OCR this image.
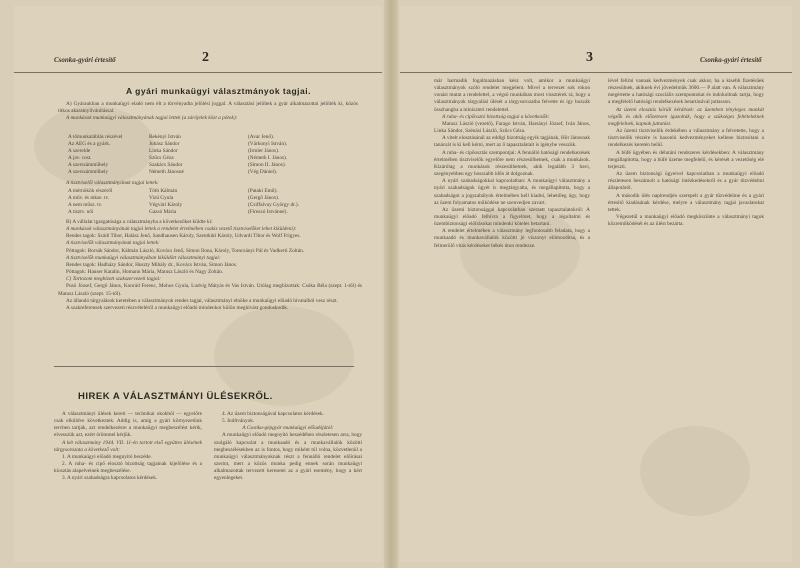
Csonka-gyári értesítő	2
A gyári munkaügyi választmányok tagjai.

A) Gyáraukban a munkaügyi eladó nem élt a törvényadta jelölési joggal. A választási jelöltek a gyár alkalmazottai jelölték ki, közös titkos akaratnyilvánítással.

A munkások munkaügyi választmányának tagjai lettek (a zárójelek közt a pótok):

A tőmunkatáblás részével	Bekényi István	(Avar Jenő).
Az AEG és a gyárk.	Juhász Sándor	(Várkonyi István).
A szerelde	Linka Sándor	(Irmler János).
A jav. cost.	Szűcs Géza	(Németh I. János).
A szerszámműhely	Szakács Sándor	(Simon II. János).
A szerszámműhely	Németh Jánosné	(Vég Dániel).

A tisztviselői választmányának tagjai lettek:

A mérnökök részéről	Tóth Kálmán	(Pataki Emil).
A műv. és mkse. tv.	Vizü Gyula	(Gergő János).
A nem műsz. tv.	Végvári Károly	(Csiffalvay György dr.).
A tisztv. női	Gazsó Mária	(Fireszó Istvánné).

B) A vállalat igazgatósága a választmányba a következőket küldte ki:

A munkások választmányának tagjai lettek a rendelet értelmében csakis vezető tisztviselőket lehet kiküldeni):

Rendes tagok: Szádi Tibor, Halász Jenő, Sandhausen Károly, Szentkúti Károly, Udvardi Tibor és Wolf Frigyes.

A tisztviselők választmányának tagjai lettek:

Póttagok: Borsák Sándor, Kálmán László, Kovács Jenő, Simon Ilona, Károly, Tomcsányi Pál és Vadkerti Zoltán.

A tisztviselők munkaügyi választmányában kiküldött választmányi tagjai:

Rendes tagok: Hadházy Sándor, Huszty Mihály dr., Kovács István, Simon János.

Póttagok: Hauser Katalin, Homann Mária, Matusz László és Nagy Zoltán.

C) Tartozom megbízott szakszervezeti tagjai:

Pusó József, Gergő János, Konrád Ferenc, Mohos Gyula, Ludvig Mátyás és Vas István. Utólag megbízottak: Csóka Béla (szept. 1-től) és Matusz László (szept. 15-től).

Az állandó tárgyalások keretében a választmányok rendes tagjai, választmányi elnöke a munkaügyi előadó hivatalból vesz részt.

A szakreferensek szervezeti részvételéről a munkaügyi előadó mindenkor külön meghívást gondoskodik.

HIREK A VÁLASZTMÁNYI ÜLÉSEKRŐL.

A választmányi ülések kereti — technikai okokból — egyelőre csak elküldve következtek. Addig is, amíg a gyári környezetünk tervben tartják, azt rendelkezésre a munkaügyi megbeszélést kérik, elvesszük azt, ezért örömmel kérjük.

A két választmány 1944. VII. 11-én tartott első együttes ülésének tárgysorozata a következő volt:

1. A munkaügyi előadó megnyitó beszéde.

2. A ruha- és cipő elosztó bizottság tagjainak kijelölése és a kiosztás alapelveinek megbeszélése.

3. A nyári szabadságra kapcsolatos kérdések.

4. Az üzem biztonságával kapcsolatos kérdések.

5. Indítványok.

A Csonka-gépgyár munkaügyi előadójától:

A munkaügyi előadó megnyitó beszédében részletesen arra, hogy szolgáló kapcsolat a munkaadó és a munkavállalók közötti megbeszélésekben az is fontos, hogy miként tól volna, közvetlenül a munkaügyi választmányoknak részt a fennálló rendelet előírásai szerint, mert a közös munka pedig ennek során munkaügyi alkalmazottak tervezett keresetei az a gyári esemény, hogy a kért egyenlegeket.

3	Csonka-gyári értesítő

már harmadik fogalmazásban kész volt, amikor a munkaügyi választmányok szóló rendelet megjelent. Mivel a tervezet sok rokon vonást mutat a rendelettel, a végső munkában most vissztérek rá, hogy a választmányok tárgyalási ülését a tárgysorozatba felvette és így hozzák összhangba a miniszteri rendelettel.

A ruha- és cipőosztó bizottság tagjai a következők:

Matusz László (vezető), Farago István, Harsányi József, Iván János, Linka Sándor, Szénási László, Szűcs Géza.

A vitelt elosztásánál az eddigi bizottság egyik tagjának, Hör Jánosnak tanácsát is ki kell kérni, mert az ő tapasztalatait is igénybe vesszük.

A ruha- és cipőosztás szempontjai: A fennálló hatósági rendelkezések értelmében tisztviselők egyelőre nem részesülhetnek, csak a munkások. Kizárólag a munkások részesülhetnek, akik legalább 3 havi, szegényebben egy hosszabb időn át dolgoznak.

A nyári szabadságokkal kapcsolatban: A munkaügyi választmány a nyári szabadságok ügyét is megtárgyalta, és megállapította, hogy a szabadságot a jogszabályok értelmében kell kiadni, lehetőleg úgy, hogy az üzem folyamatos működése ne szenvedjen zavart.

Az üzemi biztonsággal kapcsolatban szerzett tapasztalatokról: A munkaügyi előadó felhívta a figyelmet, hogy a légoltalmi és üzembiztonsági előírásokat mindenki köteles betartani.

A rendelet értelmében a választmány legfontosabb feladata, hogy a munkaadó és munkavállalók közötti jó viszonyt előmozdítsa, és a felmerülő vitás kérdéseket békés úton rendezze.

lével felírni vannak kedvezmények csak akkor, ha a kisebb fizetésűek részesülnek, akiknek évi jövedelmük 3600.— P alatt van. A választmány megértette a hatósági szociális szempontokat és indokoltnak tartja, hogy a megfelelő hatósági rendelkezések betartásával juttasson.

Az üzemi elosztás körüli kérdések: az üzemben tényleges munkát végzők és akik előzetesen igazolták, hogy a szükséges feltételeknek megfelelnek, kapnak juttatást.

Az üzemi tisztviselők érdekében a választmány a felvetette, hogy a tisztviselők részére is hasonló kedvezményeket kellene biztosítani a rendelkezés keretén belül.

A büfé ügyében és délutáni rendszeres kérdésekben: A választmány megállapította, hogy a büfé üzeme megfelelő, és kérését a vezetőség elé terjeszti.

Az üzem biztonsági ügyeivel kapcsolatban a munkaügyi előadó részletesen beszámolt a hatósági intézkedésekről és a gyár tűzvédelmi állapotáról.

A második ülés napirendjén szerepelt a gyár tűzvédelme és a gyári értesítő kiadásának kérdése, melyre a választmány tagjai javaslatokat tettek.

Végezetül a munkaügyi előadó megköszönte a választmányi tagok közreműködését és az ülést bezárta.
